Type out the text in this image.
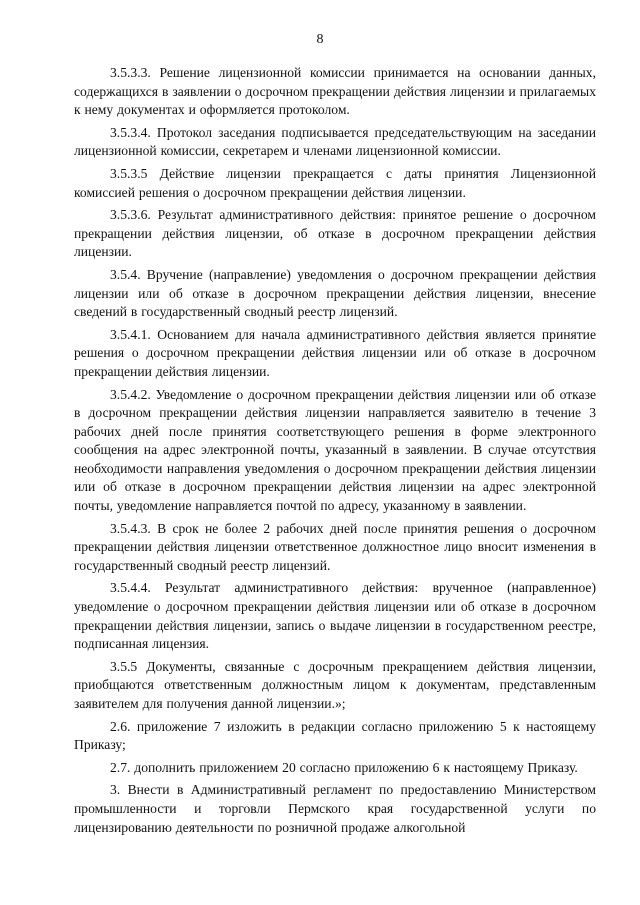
8

3.5.3.3. Решение лицензионной комиссии принимается на основании данных, содержащихся в заявлении о досрочном прекращении действия лицензии и прилагаемых к нему документах и оформляется протоколом.

3.5.3.4. Протокол заседания подписывается председательствующим на заседании лицензионной комиссии, секретарем и членами лицензионной комиссии.

3.5.3.5 Действие лицензии прекращается с даты принятия Лицензионной комиссией решения о досрочном прекращении действия лицензии.

3.5.3.6. Результат административного действия: принятое решение о досрочном прекращении действия лицензии, об отказе в досрочном прекращении действия лицензии.

3.5.4. Вручение (направление) уведомления о досрочном прекращении действия лицензии или об отказе в досрочном прекращении действия лицензии, внесение сведений в государственный сводный реестр лицензий.

3.5.4.1. Основанием для начала административного действия является принятие решения о досрочном прекращении действия лицензии или об отказе в досрочном прекращении действия лицензии.

3.5.4.2. Уведомление о досрочном прекращении действия лицензии или об отказе в досрочном прекращении действия лицензии направляется заявителю в течение 3 рабочих дней после принятия соответствующего решения в форме электронного сообщения на адрес электронной почты, указанный в заявлении. В случае отсутствия необходимости направления уведомления о досрочном прекращении действия лицензии или об отказе в досрочном прекращении действия лицензии на адрес электронной почты, уведомление направляется почтой по адресу, указанному в заявлении.

3.5.4.3. В срок не более 2 рабочих дней после принятия решения о досрочном прекращении действия лицензии ответственное должностное лицо вносит изменения в государственный сводный реестр лицензий.

3.5.4.4. Результат административного действия: врученное (направленное) уведомление о досрочном прекращении действия лицензии или об отказе в досрочном прекращении действия лицензии, запись о выдаче лицензии в государственном реестре, подписанная лицензия.

3.5.5 Документы, связанные с досрочным прекращением действия лицензии, приобщаются ответственным должностным лицом к документам, представленным заявителем для получения данной лицензии.»;

2.6. приложение 7 изложить в редакции согласно приложению 5 к настоящему Приказу;

2.7. дополнить приложением 20 согласно приложению 6 к настоящему Приказу.

3. Внести в Административный регламент по предоставлению Министерством промышленности и торговли Пермского края государственной услуги по лицензированию деятельности по розничной продаже алкогольной
